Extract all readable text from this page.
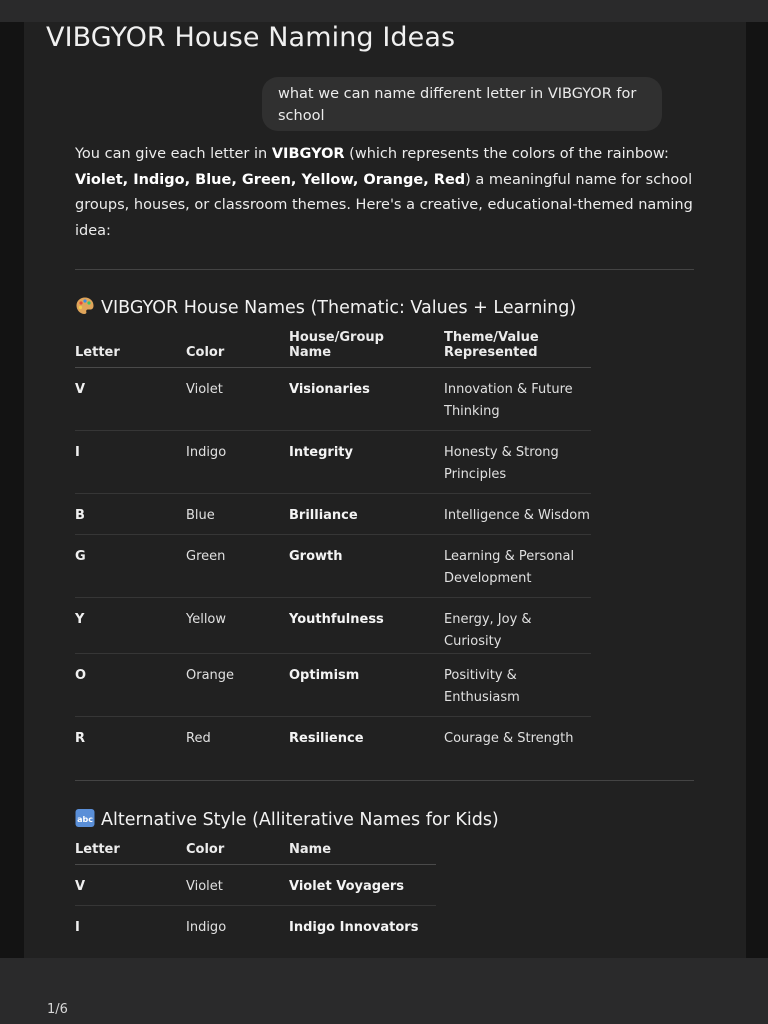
VIBGYOR House Naming Ideas
what we can name different letter in VIBGYOR for school
You can give each letter in VIBGYOR (which represents the colors of the rainbow: Violet, Indigo, Blue, Green, Yellow, Orange, Red) a meaningful name for school groups, houses, or classroom themes. Here's a creative, educational-themed naming idea:
VIBGYOR House Names (Thematic: Values + Learning)
Letter	Color	House/Group Name	Theme/Value Represented
V	Violet	Visionaries	Innovation & Future Thinking
I	Indigo	Integrity	Honesty & Strong Principles
B	Blue	Brilliance	Intelligence & Wisdom
G	Green	Growth	Learning & Personal Development
Y	Yellow	Youthfulness	Energy, Joy & Curiosity
O	Orange	Optimism	Positivity & Enthusiasm
R	Red	Resilience	Courage & Strength
abc Alternative Style (Alliterative Names for Kids)
Letter	Color	Name
V	Violet	Violet Voyagers
I	Indigo	Indigo Innovators
1/6
